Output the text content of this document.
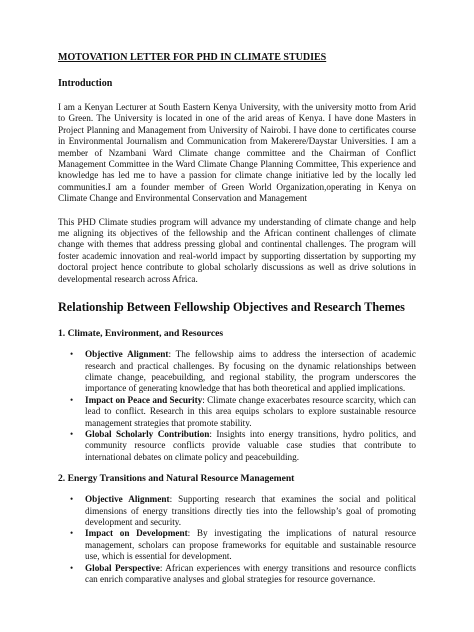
MOTOVATION LETTER FOR PHD IN CLIMATE STUDIES
Introduction

I am a Kenyan Lecturer at South Eastern Kenya University, with the university motto from Arid to Green. The University is located in one of the arid areas of Kenya. I have done Masters in Project Planning and Management from University of Nairobi. I have done to certificates course in Environmental Journalism and Communication from Makerere/Daystar Universities. I am a member of Nzambani Ward Climate change committee and the Chairman of Conflict Management Committee in the Ward Climate Change Planning Committee, This experience and knowledge has led me to have a passion for climate change initiative led by the locally led communities.I am a founder member of Green World Organization,operating in Kenya on Climate Change and Environmental Conservation and Management

This PHD Climate studies program will advance my understanding of climate change and help me aligning its objectives of the fellowship and the African continent challenges of climate change with themes that address pressing global and continental challenges. The program will foster academic innovation and real-world impact by supporting dissertation by supporting my doctoral project hence contribute to global scholarly discussions as well as drive solutions in developmental research across Africa.

Relationship Between Fellowship Objectives and Research Themes
1. Climate, Environment, and Resources
• Objective Alignment: The fellowship aims to address the intersection of academic research and practical challenges. By focusing on the dynamic relationships between climate change, peacebuilding, and regional stability, the program underscores the importance of generating knowledge that has both theoretical and applied implications.
• Impact on Peace and Security: Climate change exacerbates resource scarcity, which can lead to conflict. Research in this area equips scholars to explore sustainable resource management strategies that promote stability.
• Global Scholarly Contribution: Insights into energy transitions, hydro politics, and community resource conflicts provide valuable case studies that contribute to international debates on climate policy and peacebuilding.
2. Energy Transitions and Natural Resource Management
• Objective Alignment: Supporting research that examines the social and political dimensions of energy transitions directly ties into the fellowship’s goal of promoting development and security.
• Impact on Development: By investigating the implications of natural resource management, scholars can propose frameworks for equitable and sustainable resource use, which is essential for development.
• Global Perspective: African experiences with energy transitions and resource conflicts can enrich comparative analyses and global strategies for resource governance.
